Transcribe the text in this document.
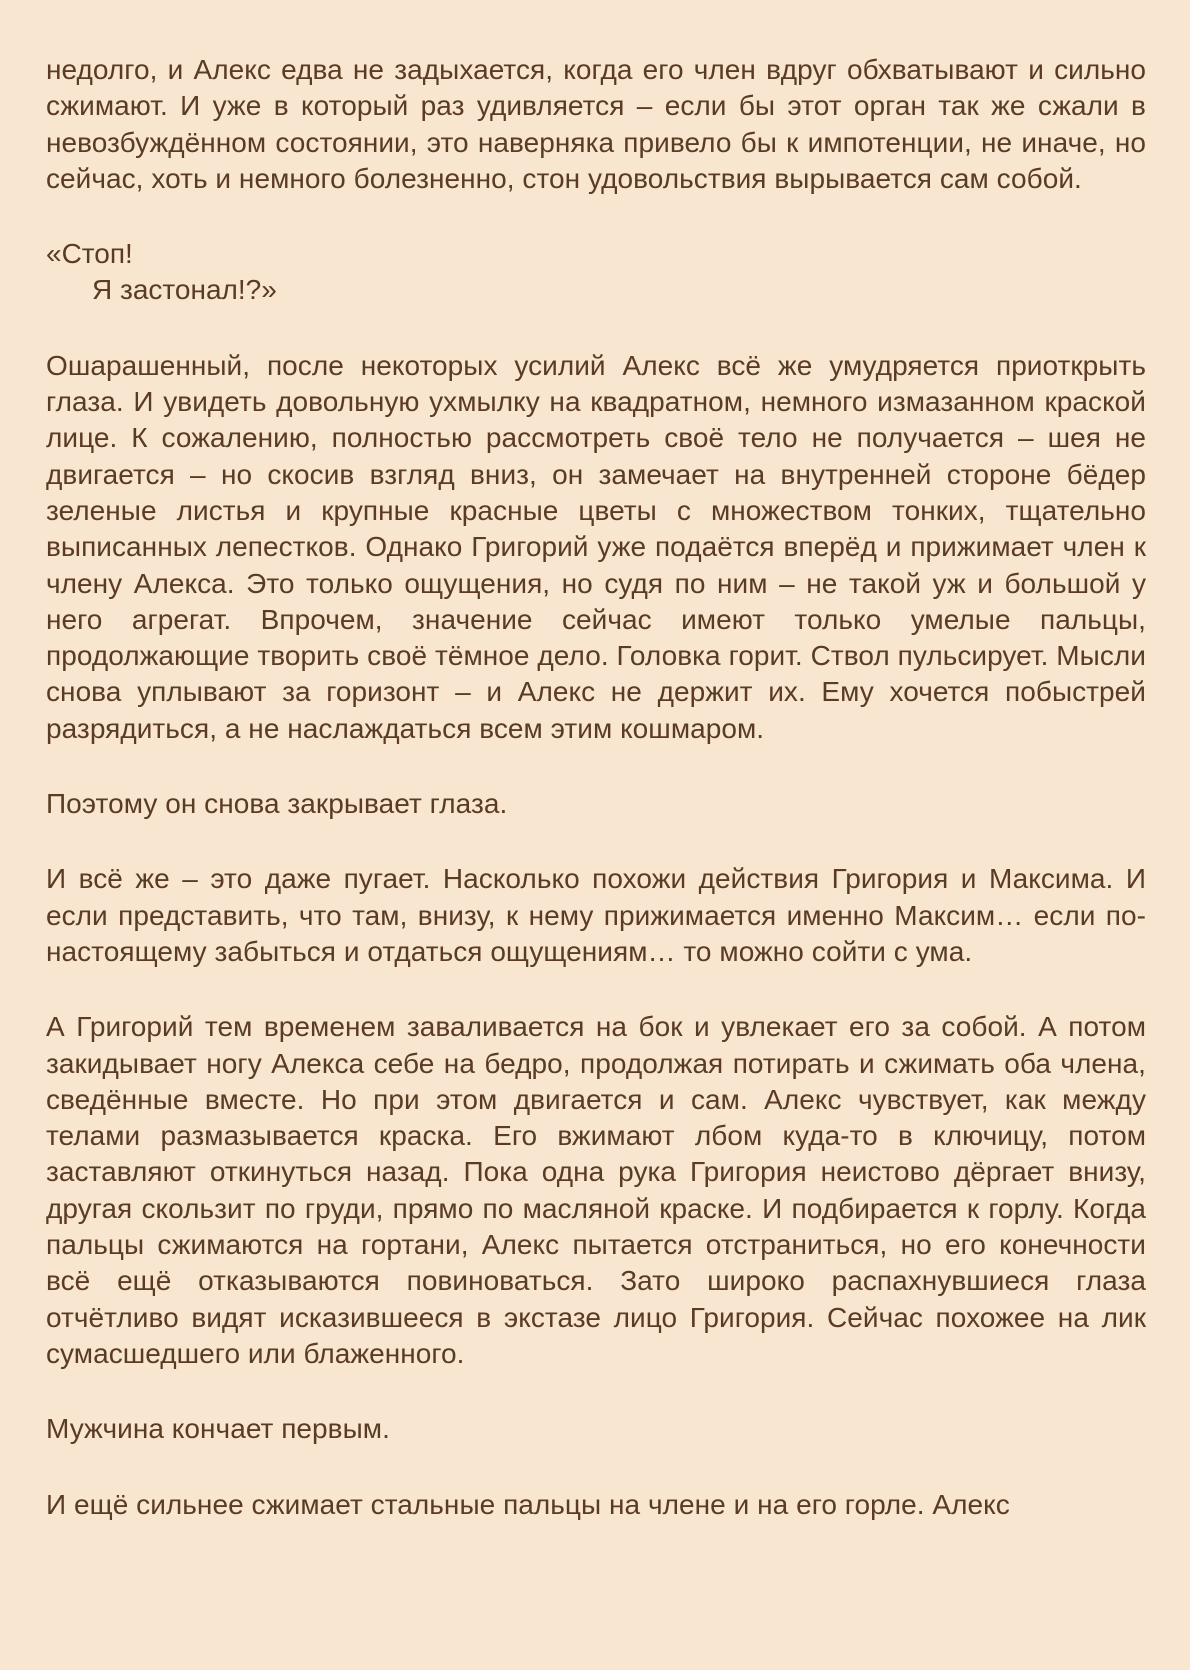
недолго, и Алекс едва не задыхается, когда его член вдруг обхватывают и сильно сжимают. И уже в который раз удивляется – если бы этот орган так же сжали в невозбуждённом состоянии, это наверняка привело бы к импотенции, не иначе, но сейчас, хоть и немного болезненно, стон удовольствия вырывается сам собой.

«Стоп!
Я застонал!?»

Ошарашенный, после некоторых усилий Алекс всё же умудряется приоткрыть глаза. И увидеть довольную ухмылку на квадратном, немного измазанном краской лице. К сожалению, полностью рассмотреть своё тело не получается – шея не двигается – но скосив взгляд вниз, он замечает на внутренней стороне бёдер зеленые листья и крупные красные цветы с множеством тонких, тщательно выписанных лепестков. Однако Григорий уже подаётся вперёд и прижимает член к члену Алекса. Это только ощущения, но судя по ним – не такой уж и большой у него агрегат. Впрочем, значение сейчас имеют только умелые пальцы, продолжающие творить своё тёмное дело. Головка горит. Ствол пульсирует. Мысли снова уплывают за горизонт – и Алекс не держит их. Ему хочется побыстрей разрядиться, а не наслаждаться всем этим кошмаром.

Поэтому он снова закрывает глаза.

И всё же – это даже пугает. Насколько похожи действия Григория и Максима. И если представить, что там, внизу, к нему прижимается именно Максим… если по-настоящему забыться и отдаться ощущениям… то можно сойти с ума.

А Григорий тем временем заваливается на бок и увлекает его за собой. А потом закидывает ногу Алекса себе на бедро, продолжая потирать и сжимать оба члена, сведённые вместе. Но при этом двигается и сам. Алекс чувствует, как между телами размазывается краска. Его вжимают лбом куда-то в ключицу, потом заставляют откинуться назад. Пока одна рука Григория неистово дёргает внизу, другая скользит по груди, прямо по масляной краске. И подбирается к горлу. Когда пальцы сжимаются на гортани, Алекс пытается отстраниться, но его конечности всё ещё отказываются повиноваться. Зато широко распахнувшиеся глаза отчётливо видят исказившееся в экстазе лицо Григория. Сейчас похожее на лик сумасшедшего или блаженного.

Мужчина кончает первым.

И ещё сильнее сжимает стальные пальцы на члене и на его горле. Алекс
